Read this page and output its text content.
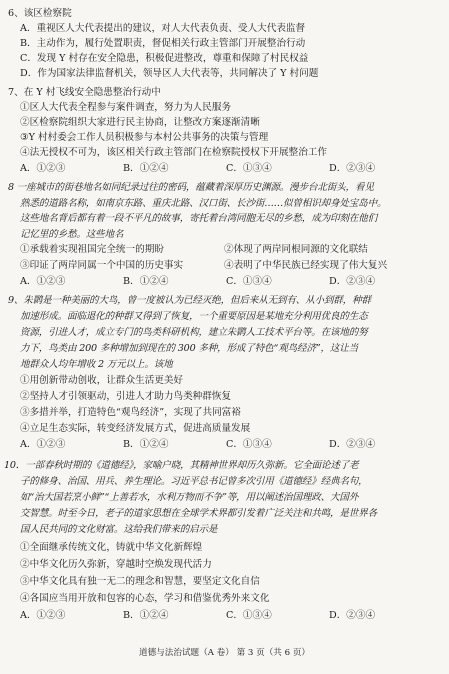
6、该区检察院
A．重视区人大代表提出的建议，对人大代表负责、受人大代表监督
B．主动作为，履行处置职责，督促相关行政主管部门开展整治行动
C．发现 Y 村存在安全隐患，积极促进整改，尊重和保障了村民权益
D．作为国家法律监督机关，领导区人大代表等，共同解决了 Y 村问题
7、在 Y 村飞线安全隐患整治行动中
①区人大代表全程参与案件调查，努力为人民服务
②区检察院组织大家进行民主协商，让整改方案逐渐清晰
③Y 村村委会工作人员积极参与本村公共事务的决策与管理
④法无授权不可为，该区相关行政主管部门在检察院授权下开展整治工作
A．①②③	B．①②④	C．①③④	D．②③④
8 一座城市的街巷地名如同纪录过往的密码，蕴藏着深厚历史渊源。漫步台北街头，看见
熟悉的道路名称，如南京东路、重庆北路、汉口街、长沙街……似曾相识却身处宝岛中。
这些地名背后都有着一段不平凡的故事，寄托着台湾同胞无尽的乡愁，成为印刻在他们
记忆里的乡愁。这些地名
①承载着实现祖国完全统一的期盼	②体现了两岸同根同源的文化联结
③印证了两岸同属一个中国的历史事实	④表明了中华民族已经实现了伟大复兴
A．①②③	B．①②④	C．①③④	D．②③④
9、朱鹮是一种美丽的大鸟，曾一度被认为已经灭绝，但后来从无到有、从小到群，种群
加速形成。面临退化的种群又得到了恢复，一个重要原因是某地充分利用优良的生态
资源，引进人才，成立专门的鸟类科研机构，建立朱鹮人工技术平台等。在该地的努
力下，鸟类由 200 多种增加到现在的 300 多种，形成了特色“观鸟经济”，这让当
地群众人均年增收 2 万元以上。该地
①用创新带动创收，让群众生活更美好
②坚持人才引领驱动，引进人才助力鸟类种群恢复
③多措并举，打造特色“观鸟经济”，实现了共同富裕
④立足生态实际，转变经济发展方式，促进高质量发展
A．①②③	B．①②④	C．①③④	D．②③④
10．一部春秋时期的《道德经》，家喻户晓，其精神世界却历久弥新。它全面论述了老
子的修身、治国、用兵、养生理论。习近平总书记曾多次引用《道德经》经典名句，
如“治大国若烹小鲜”“上善若水，水利万物而不争”等，用以阐述治国理政、大国外
交智慧。时至今日，老子的道家思想在全球学术界都引发着广泛关注和共鸣，是世界各
国人民共同的文化财富。这给我们带来的启示是
①全面继承传统文化，铸就中华文化新辉煌
②中华文化历久弥新，穿越时空焕发现代活力
③中华文化具有独一无二的理念和智慧，要坚定文化自信
④各国应当用开放和包容的心态，学习和借鉴优秀外来文化
A．①②③	B．①②④	C．①③④	D．②③④
道德与法治试题（A 卷） 第 3 页（共 6 页）
